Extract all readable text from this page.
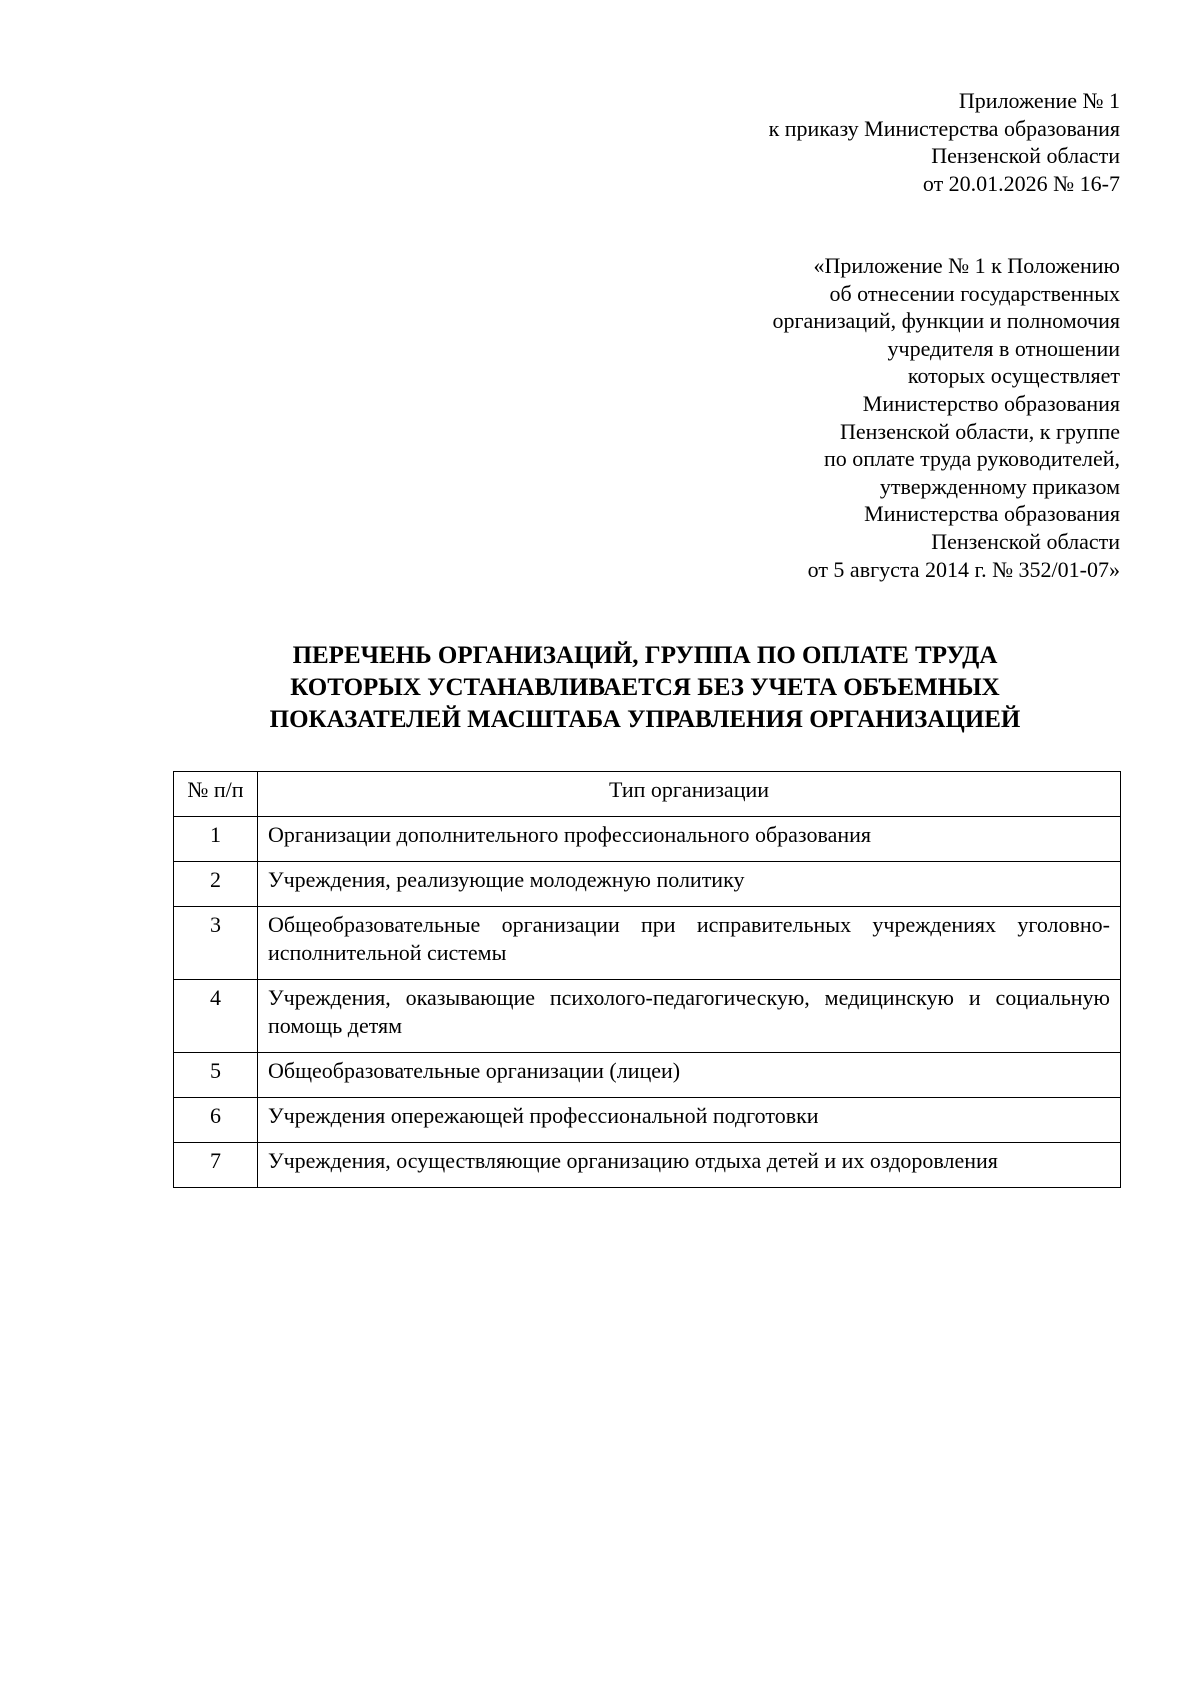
Приложение № 1
к приказу Министерства образования
Пензенской области
от 20.01.2026 № 16-7
«Приложение № 1 к Положению
об отнесении государственных
организаций, функции и полномочия
учредителя в отношении
которых осуществляет
Министерство образования
Пензенской области, к группе
по оплате труда руководителей,
утвержденному приказом
Министерства образования
Пензенской области
от 5 августа 2014 г. № 352/01-07»
ПЕРЕЧЕНЬ ОРГАНИЗАЦИЙ, ГРУППА ПО ОПЛАТЕ ТРУДА
КОТОРЫХ УСТАНАВЛИВАЕТСЯ БЕЗ УЧЕТА ОБЪЕМНЫХ
ПОКАЗАТЕЛЕЙ МАСШТАБА УПРАВЛЕНИЯ ОРГАНИЗАЦИЕЙ
№ п/п	Тип организации
1	Организации дополнительного профессионального образования
2	Учреждения, реализующие молодежную политику
3	Общеобразовательные организации при исправительных учреждениях уголовно-исполнительной системы
4	Учреждения, оказывающие психолого-педагогическую, медицинскую и социальную помощь детям
5	Общеобразовательные организации (лицеи)
6	Учреждения опережающей профессиональной подготовки
7	Учреждения, осуществляющие организацию отдыха детей и их оздоровления
